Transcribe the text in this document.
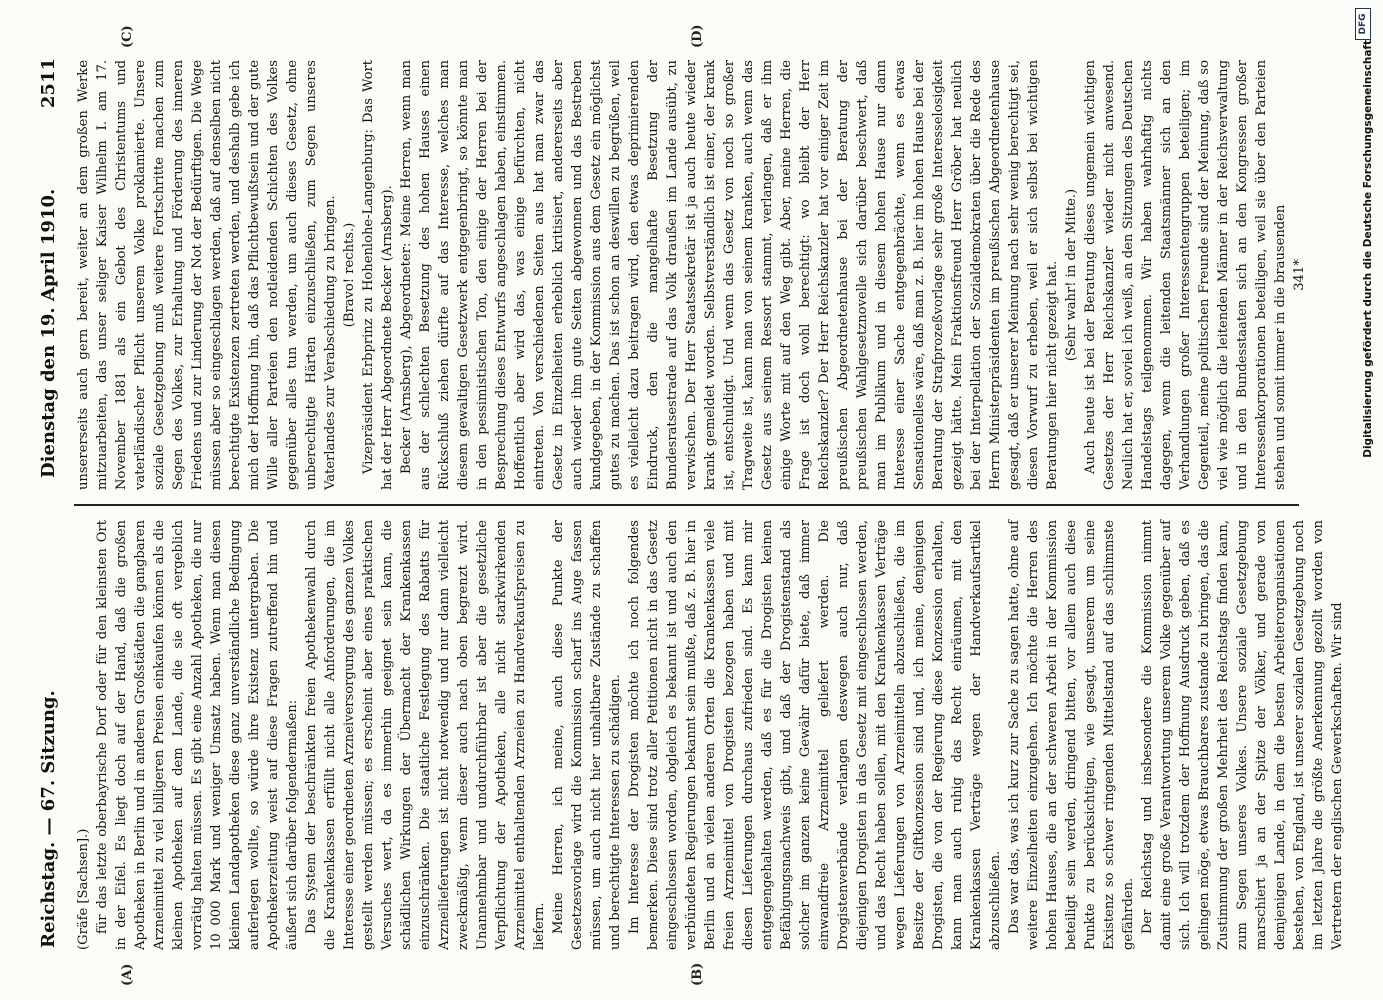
Reichstag. — 67. Sitzung.
Dienstag den 19. April 1910.
2511

(Gräfe [Sachsen].) für das letzte oberbayrische Dorf oder für den kleinsten Ort in der Eifel. Es liegt doch auf der Hand, daß die großen Apotheken in Berlin und in anderen Großstädten die gangbaren Arzneimittel zu viel billigeren Preisen einkaufen können als die kleinen Apotheken auf dem Lande, die sie oft vergeblich vorrätig halten müssen. Es gibt eine Anzahl Apotheken, die nur 10 000 Mark und weniger Umsatz haben. Wenn man diesen kleinen Landapotheken diese ganz unverständliche Bedingung auferlegen wollte, so würde ihre Existenz untergraben. Die Apothekerzeitung weist auf diese Fragen zutreffend hin und äußert sich darüber folgendermaßen: Das System der beschränkten freien Apothekenwahl durch die Krankenkassen erfüllt nicht alle Anforderungen, die im Interesse einer geordneten Arzneiversorgung des ganzen Volkes gestellt werden müssen; es erscheint aber eines praktischen Versuches wert, da es immerhin geeignet sein kann, die schädlichen Wirkungen der Übermacht der Krankenkassen einzuschränken. Die staatliche Festlegung des Rabatts für Arzneilieferungen ist nicht notwendig und nur dann vielleicht zweckmäßig, wenn dieser auch nach oben begrenzt wird. Unannehmbar und undurchführbar ist aber die gesetzliche Verpflichtung der Apotheken, alle nicht starkwirkenden Arzneimittel enthaltenden Arzneien zu Handverkaufspreisen zu liefern. Meine Herren, ich meine, auch diese Punkte der Gesetzesvorlage wird die Kommission scharf ins Auge fassen müssen, um auch nicht hier unhaltbare Zustände zu schaffen und berechtigte Interessen zu schädigen. Im Interesse der Drogisten möchte ich noch folgendes bemerken. Diese sind trotz aller Petitionen nicht in das Gesetz eingeschlossen worden, obgleich es bekannt ist und auch den verbündeten Regierungen bekannt sein mußte, daß z. B. hier in Berlin und an vielen anderen Orten die Krankenkassen viele freien Arzneimittel von Drogisten bezogen haben und mit diesen Lieferungen durchaus zufrieden sind. Es kann mir entgegengehalten werden, daß es für die Drogisten keinen Befähigungsnachweis gibt, und daß der Drogistenstand als solcher im ganzen keine Gewähr dafür biete, daß immer einwandfreie Arzneimittel geliefert werden. Die Drogistenverbände verlangen deswegen auch nur, daß diejenigen Drogisten in das Gesetz mit eingeschlossen werden, und das Recht haben sollen, mit den Krankenkassen Verträge wegen Lieferungen von Arzneimitteln abzuschließen, die im Besitze der Giftkonzession sind und, ich meine, denjenigen Drogisten, die von der Regierung diese Konzession erhalten, kann man auch ruhig das Recht einräumen, mit den Krankenkassen Verträge wegen der Handverkaufsartikel abzuschließen. Das war das, was ich kurz zur Sache zu sagen hatte, ohne auf weitere Einzelheiten einzugehen. Ich möchte die Herren des hohen Hauses, die an der schweren Arbeit in der Kommission beteiligt sein werden, dringend bitten, vor allem auch diese Punkte zu berücksichtigen, wie gesagt, unserem um seine Existenz so schwer ringenden Mittelstand auf das schlimmste gefährden. Der Reichstag und insbesondere die Kommission nimmt damit eine große Verantwortung unserem Volke gegenüber auf sich. Ich will trotzdem der Hoffnung Ausdruck geben, daß es gelingen möge, etwas Brauchbares zustande zu bringen, das die Zustimmung der großen Mehrheit des Reichstags finden kann, zum Segen unseres Volkes. Unsere soziale Gesetzgebung marschiert ja an der Spitze der Völker, und gerade von demjenigen Lande, in dem die besten Arbeiterorganisationen bestehen, von England, ist unserer sozialen Gesetzgebung noch im letzten Jahre die größte Anerkennung gezollt worden von Vertretern der englischen Gewerkschaften. Wir sind

unsererseits auch gern bereit, weiter an dem großen Werke mitzuarbeiten, das unser seliger Kaiser Wilhelm I. am 17. November 1881 als ein Gebot des Christentums und vaterländischer Pflicht unserem Volke proklamierte. Unsere soziale Gesetzgebung muß weitere Fortschritte machen zum Segen des Volkes, zur Erhaltung und Förderung des inneren Friedens und zur Linderung der Not der Bedürftigen. Die Wege müssen aber so eingeschlagen werden, daß auf denselben nicht berechtigte Existenzen zertreten werden, und deshalb gebe ich mich der Hoffnung hin, daß das Pflichtbewußtsein und der gute Wille aller Parteien den notleidenden Schichten des Volkes gegenüber alles tun werden, um auch dieses Gesetz, ohne unberechtigte Härten einzuschließen, zum Segen unseres Vaterlandes zur Verabschiedung zu bringen. (Bravo! rechts.) Vizepräsident Erbprinz zu Hohenlohe-Langenburg: Das Wort hat der Herr Abgeordnete Becker (Arnsberg). Becker (Arnsberg), Abgeordneter: Meine Herren, wenn man aus der schlechten Besetzung des hohen Hauses einen Rückschluß ziehen dürfte auf das Interesse, welches man diesem gewaltigen Gesetzwerk entgegenbringt, so könnte man in den pessimistischen Ton, den einige der Herren bei der Besprechung dieses Entwurfs angeschlagen haben, einstimmen. Hoffentlich aber wird das, was einige befürchten, nicht eintreten. Von verschiedenen Seiten aus hat man zwar das Gesetz in Einzelheiten erheblich kritisiert, andererseits aber auch wieder ihm gute Seiten abgewonnen und das Bestreben kundgegeben, in der Kommission aus dem Gesetz ein möglichst gutes zu machen. Das ist schon an deswillen zu begrüßen, weil es vielleicht dazu beitragen wird, den etwas deprimierenden Eindruck, den die mangelhafte Besetzung der Bundesratsestrade auf das Volk draußen im Lande ausübt, zu verwischen. Der Herr Staatssekretär ist ja auch heute wieder krank gemeldet worden. Selbstverständlich ist einer, der krank ist, entschuldigt. Und wenn das Gesetz von noch so großer Tragweite ist, kann man von seinem kranken, auch wenn das Gesetz aus seinem Ressort stammt, verlangen, daß er ihm einige Worte mit auf den Weg gibt. Aber, meine Herren, die Frage ist doch wohl berechtigt: wo bleibt der Herr Reichskanzler? Der Herr Reichskanzler hat vor einiger Zeit im preußischen Abgeordnetenhause bei der Beratung der preußischen Wahlgesetznovelle sich darüber beschwert, daß man im Publikum und in diesem hohen Hause nur dann Interesse einer Sache entgegenbrächte, wenn es etwas Sensationelles wäre, daß man z. B. hier im hohen Hause bei der Beratung der Strafprozeßvorlage sehr große Interesselosigkeit gezeigt hätte. Mein Fraktionsfreund Herr Gröber hat neulich bei der Interpellation der Sozialdemokraten über die Rede des Herrn Ministerpräsidenten im preußischen Abgeordnetenhause gesagt, daß er unserer Meinung nach sehr wenig berechtigt sei, diesen Vorwurf zu erheben, weil er sich selbst bei wichtigen Beratungen hier nicht gezeigt hat. (Sehr wahr! in der Mitte.) Auch heute ist bei der Beratung dieses ungemein wichtigen Gesetzes der Herr Reichskanzler wieder nicht anwesend. Neulich hat er, soviel ich weiß, an den Sitzungen des Deutschen Handelstags teilgenommen. Wir haben wahrhaftig nichts dagegen, wenn die leitenden Staatsmänner sich an den Verhandlungen großer Interessentengruppen beteiligen; im Gegenteil, meine politischen Freunde sind der Meinung, daß so viel wie möglich die leitenden Männer in der Reichsverwaltung und in den Bundesstaaten sich an den Kongressen großer Interessenkorporationen beteiligen, weil sie über den Parteien stehen und somit immer in die brausenden 341*

(A)	(B)
(C)	(D)
Digitalisierung gefördert durch die Deutsche Forschungsgemeinschaft
DFG
